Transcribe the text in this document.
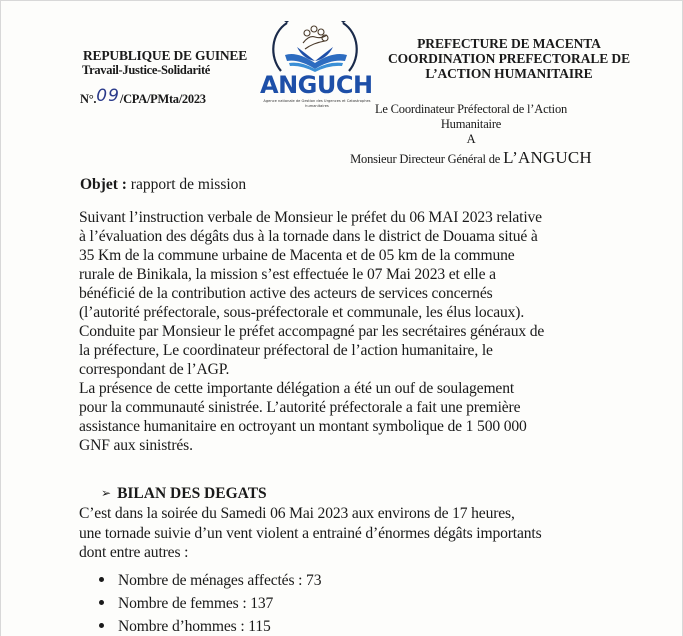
REPUBLIQUE DE GUINEE
Travail-Justice-Solidarité
N°.09/CPA/PMta/2023 ANGUCH
Agence nationale de Gestion des Urgences et Catastrophes humanitaires
PREFECTURE DE MACENTA
COORDINATION PREFECTORALE DE
L’ACTION HUMANITAIRE
Le Coordinateur Préfectoral de l’Action
Humanitaire
A
Monsieur Directeur Général de L’ANGUCH
Objet : rapport de mission
Suivant l’instruction verbale de Monsieur le préfet du 06 MAI 2023 relative
à l’évaluation des dégâts dus à la tornade dans le district de Douama situé à
35 Km de la commune urbaine de Macenta et de 05 km de la commune
rurale de Binikala, la mission s’est effectuée le 07 Mai 2023 et elle a
bénéficié de la contribution active des acteurs de services concernés
(l’autorité préfectorale, sous-préfectorale et communale, les élus locaux).
Conduite par Monsieur le préfet accompagné par les secrétaires généraux de
la préfecture, Le coordinateur préfectoral de l’action humanitaire, le
correspondant de l’AGP.
La présence de cette importante délégation a été un ouf de soulagement
pour la communauté sinistrée. L’autorité préfectorale a fait une première
assistance humanitaire en octroyant un montant symbolique de 1 500 000
GNF aux sinistrés.
➢ BILAN DES DEGATS
C’est dans la soirée du Samedi 06 Mai 2023 aux environs de 17 heures,
une tornade suivie d’un vent violent a entrainé d’énormes dégâts importants
dont entre autres :
Nombre de ménages affectés : 73
Nombre de femmes : 137
Nombre d’hommes : 115
